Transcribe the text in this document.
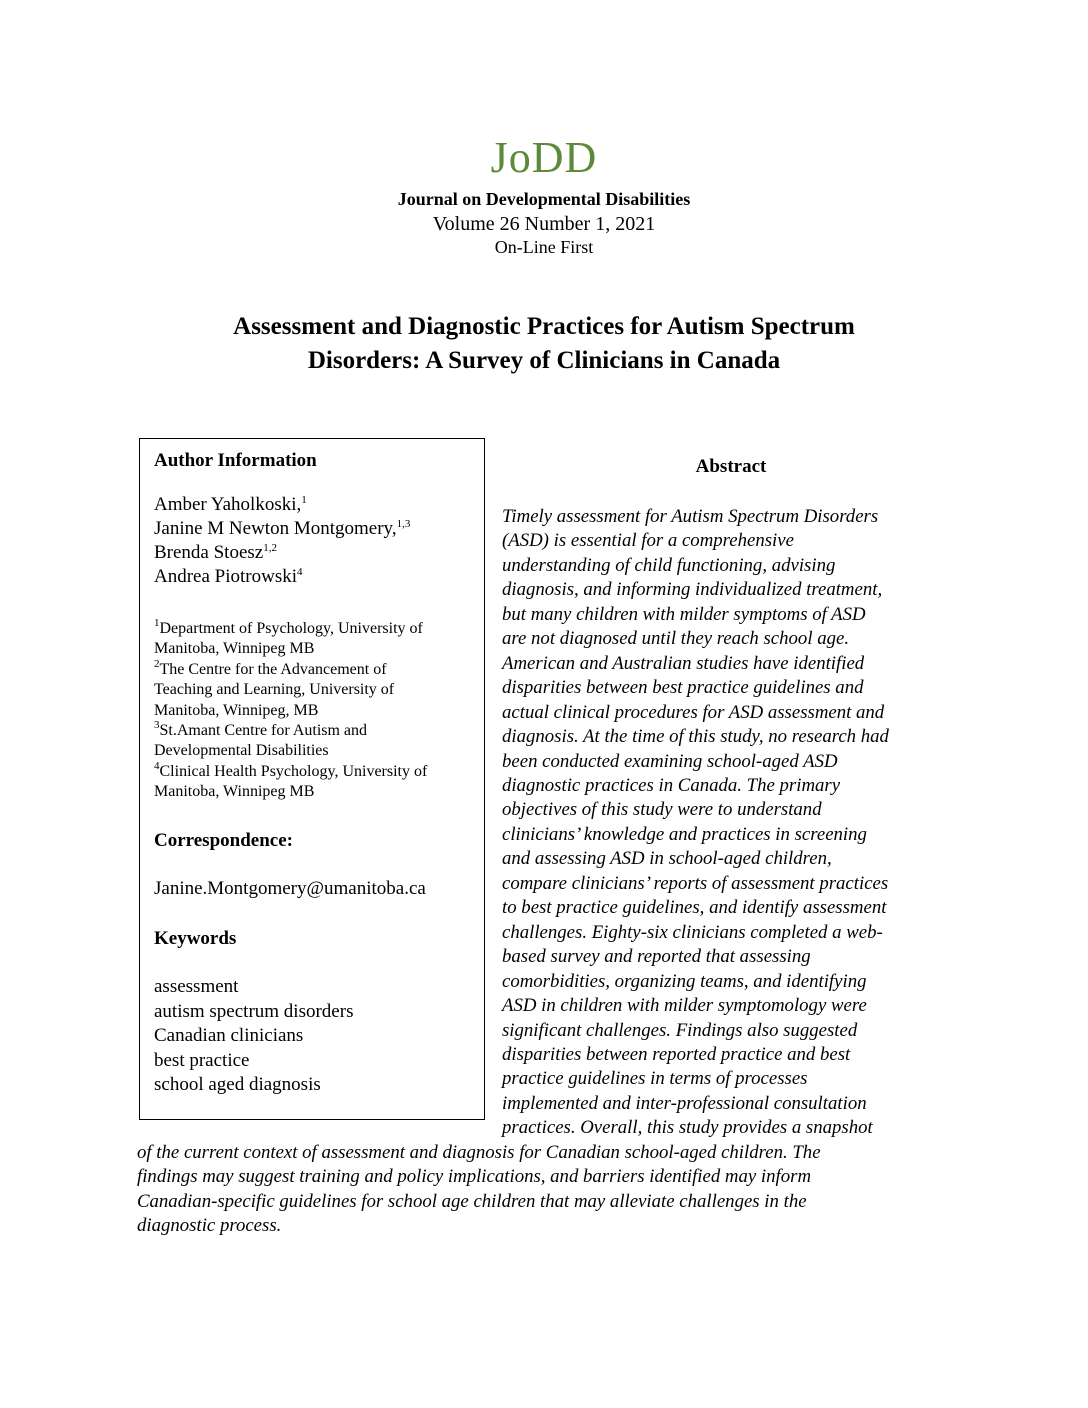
JoDD
Journal on Developmental Disabilities
Volume 26 Number 1, 2021
On-Line First
Assessment and Diagnostic Practices for Autism Spectrum
Disorders: A Survey of Clinicians in Canada
Author Information
Amber Yaholkoski,$^1$
Janine M Newton Montgomery,$^{1,3}$
Brenda Stoesz$^{1,2}$
Andrea Piotrowski$^4$
$^1$Department of Psychology, University of
Manitoba, Winnipeg MB
$^2$The Centre for the Advancement of
Teaching and Learning, University of
Manitoba, Winnipeg, MB
$^3$St.Amant Centre for Autism and
Developmental Disabilities
$^4$Clinical Health Psychology, University of
Manitoba, Winnipeg MB
Correspondence:
Janine.Montgomery@umanitoba.ca
Keywords
assessment
autism spectrum disorders
Canadian clinicians
best practice
school aged diagnosis
Abstract
Timely assessment for Autism Spectrum Disorders
(ASD) is essential for a comprehensive
understanding of child functioning, advising
diagnosis, and informing individualized treatment,
but many children with milder symptoms of ASD
are not diagnosed until they reach school age.
American and Australian studies have identified
disparities between best practice guidelines and
actual clinical procedures for ASD assessment and
diagnosis. At the time of this study, no research had
been conducted examining school-aged ASD
diagnostic practices in Canada. The primary
objectives of this study were to understand
clinicians’ knowledge and practices in screening
and assessing ASD in school-aged children,
compare clinicians’ reports of assessment practices
to best practice guidelines, and identify assessment
challenges. Eighty-six clinicians completed a web-
based survey and reported that assessing
comorbidities, organizing teams, and identifying
ASD in children with milder symptomology were
significant challenges. Findings also suggested
disparities between reported practice and best
practice guidelines in terms of processes
implemented and inter-professional consultation
practices. Overall, this study provides a snapshot
of the current context of assessment and diagnosis for Canadian school-aged children. The
findings may suggest training and policy implications, and barriers identified may inform
Canadian-specific guidelines for school age children that may alleviate challenges in the
diagnostic process.
